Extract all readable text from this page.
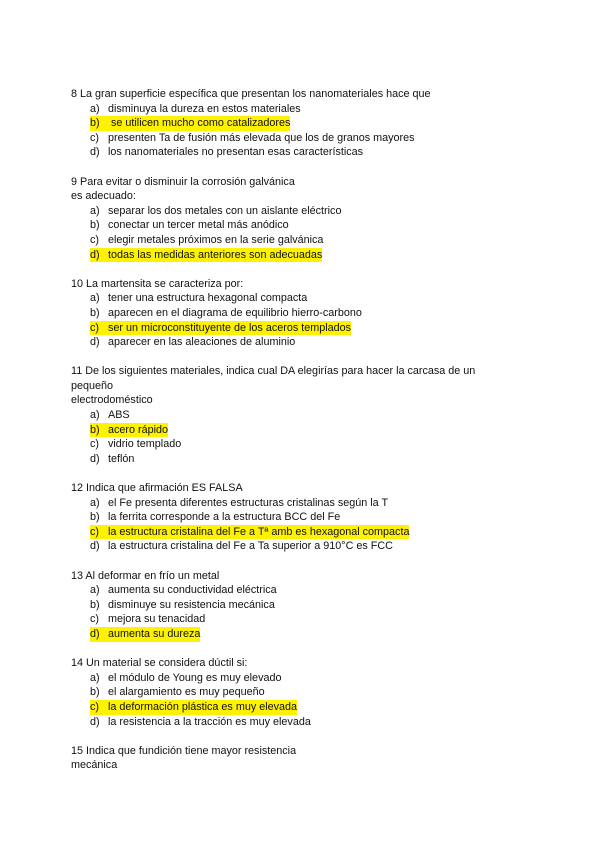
8 La gran superficie específica que presentan los nanomateriales hace que
a) disminuya la dureza en estos materiales
b) se utilicen mucho como catalizadores
c) presenten Ta de fusión más elevada que los de granos mayores
d) los nanomateriales no presentan esas características
9 Para evitar o disminuir la corrosión galvánica
es adecuado:
a) separar los dos metales con un aislante eléctrico
b) conectar un tercer metal más anódico
c) elegir metales próximos en la serie galvánica
d) todas las medidas anteriores son adecuadas
10 La martensita se caracteriza por:
a) tener una estructura hexagonal compacta
b) aparecen en el diagrama de equilibrio hierro-carbono
c) ser un microconstituyente de los aceros templados
d) aparecer en las aleaciones de aluminio
11 De los siguientes materiales, indica cual DA elegirías para hacer la carcasa de un
pequeño
electrodoméstico
a) ABS
b) acero rápido
c) vidrio templado
d) teflón
12 Indica que afirmación ES FALSA
a) el Fe presenta diferentes estructuras cristalinas según la T
b) la ferrita corresponde a la estructura BCC del Fe
c) la estructura cristalina del Fe a Tª amb es hexagonal compacta
d) la estructura cristalina del Fe a Ta superior a 910°C es FCC
13 Al deformar en frío un metal
a) aumenta su conductividad eléctrica
b) disminuye su resistencia mecánica
c) mejora su tenacidad
d) aumenta su dureza
14 Un material se considera dúctil si:
a) el módulo de Young es muy elevado
b) el alargamiento es muy pequeño
c) la deformación plástica es muy elevada
d) la resistencia a la tracción es muy elevada
15 Indica que fundición tiene mayor resistencia
mecánica
